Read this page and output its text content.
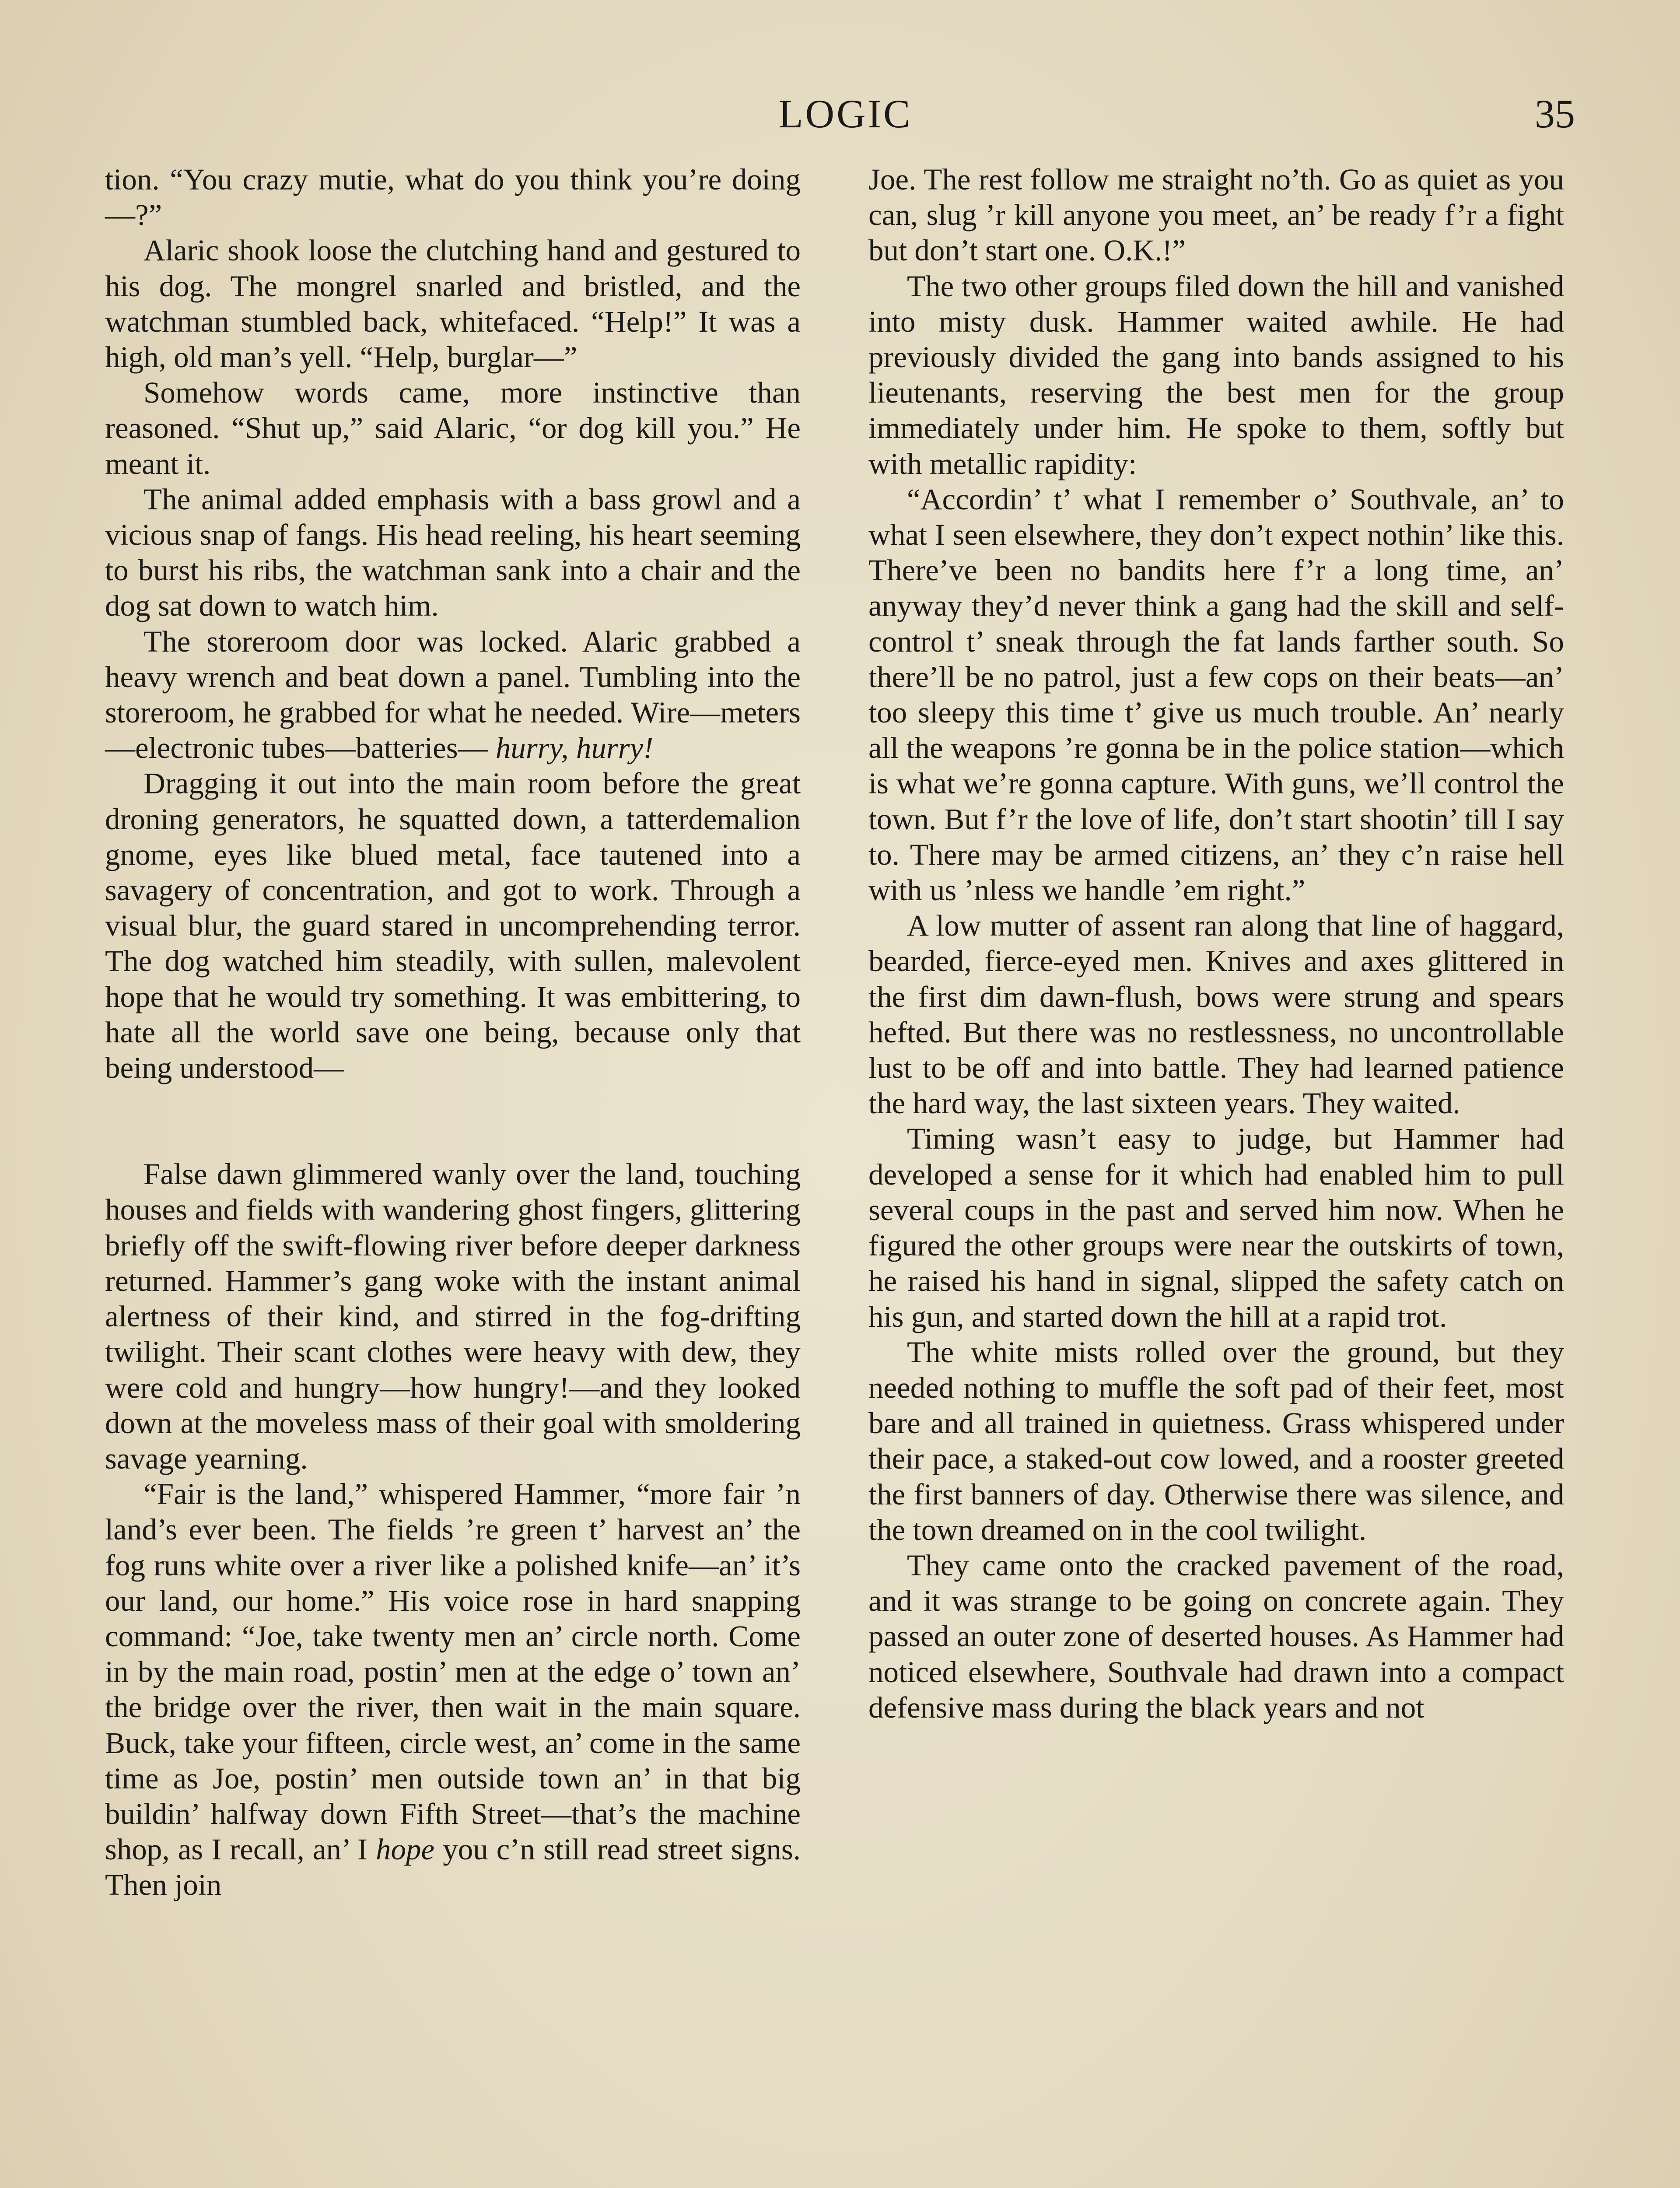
LOGIC	35

tion. “You crazy mutie, what do you think you’re doing—?”

Alaric shook loose the clutching hand and gestured to his dog. The mongrel snarled and bristled, and the watchman stumbled back, whitefaced. “Help!” It was a high, old man’s yell. “Help, burglar—”

Somehow words came, more instinctive than reasoned. “Shut up,” said Alaric, “or dog kill you.” He meant it.

The animal added emphasis with a bass growl and a vicious snap of fangs. His head reeling, his heart seeming to burst his ribs, the watchman sank into a chair and the dog sat down to watch him.

The storeroom door was locked. Alaric grabbed a heavy wrench and beat down a panel. Tumbling into the storeroom, he grabbed for what he needed. Wire—meters—electronic tubes—batteries— hurry, hurry!

Dragging it out into the main room before the great droning generators, he squatted down, a tatterdemalion gnome, eyes like blued metal, face tautened into a savagery of concentration, and got to work. Through a visual blur, the guard stared in uncomprehending terror. The dog watched him steadily, with sullen, malevolent hope that he would try something. It was embittering, to hate all the world save one being, because only that being understood—

False dawn glimmered wanly over the land, touching houses and fields with wandering ghost fingers, glittering briefly off the swift-flowing river before deeper darkness returned. Hammer’s gang woke with the instant animal alertness of their kind, and stirred in the fog-drifting twilight. Their scant clothes were heavy with dew, they were cold and hungry—how hungry!—and they looked down at the moveless mass of their goal with smoldering savage yearning.

“Fair is the land,” whispered Hammer, “more fair ’n land’s ever been. The fields ’re green t’ harvest an’ the fog runs white over a river like a polished knife—an’ it’s our land, our home.” His voice rose in hard snapping command: “Joe, take twenty men an’ circle north. Come in by the main road, postin’ men at the edge o’ town an’ the bridge over the river, then wait in the main square. Buck, take your fifteen, circle west, an’ come in the same time as Joe, postin’ men outside town an’ in that big buildin’ halfway down Fifth Street—that’s the machine shop, as I recall, an’ I hope you c’n still read street signs. Then join

Joe. The rest follow me straight no’th. Go as quiet as you can, slug ’r kill anyone you meet, an’ be ready f’r a fight but don’t start one. O.K.!”

The two other groups filed down the hill and vanished into misty dusk. Hammer waited awhile. He had previously divided the gang into bands assigned to his lieutenants, reserving the best men for the group immediately under him. He spoke to them, softly but with metallic rapidity:

“Accordin’ t’ what I remember o’ Southvale, an’ to what I seen elsewhere, they don’t expect nothin’ like this. There’ve been no bandits here f’r a long time, an’ anyway they’d never think a gang had the skill and self-control t’ sneak through the fat lands farther south. So there’ll be no patrol, just a few cops on their beats—an’ too sleepy this time t’ give us much trouble. An’ nearly all the weapons ’re gonna be in the police station—which is what we’re gonna capture. With guns, we’ll control the town. But f’r the love of life, don’t start shootin’ till I say to. There may be armed citizens, an’ they c’n raise hell with us ’nless we handle ’em right.”

A low mutter of assent ran along that line of haggard, bearded, fierce-eyed men. Knives and axes glittered in the first dim dawn-flush, bows were strung and spears hefted. But there was no restlessness, no uncontrollable lust to be off and into battle. They had learned patience the hard way, the last sixteen years. They waited.

Timing wasn’t easy to judge, but Hammer had developed a sense for it which had enabled him to pull several coups in the past and served him now. When he figured the other groups were near the outskirts of town, he raised his hand in signal, slipped the safety catch on his gun, and started down the hill at a rapid trot.

The white mists rolled over the ground, but they needed nothing to muffle the soft pad of their feet, most bare and all trained in quietness. Grass whispered under their pace, a staked-out cow lowed, and a rooster greeted the first banners of day. Otherwise there was silence, and the town dreamed on in the cool twilight.

They came onto the cracked pavement of the road, and it was strange to be going on concrete again. They passed an outer zone of deserted houses. As Hammer had noticed elsewhere, Southvale had drawn into a compact defensive mass during the black years and not
